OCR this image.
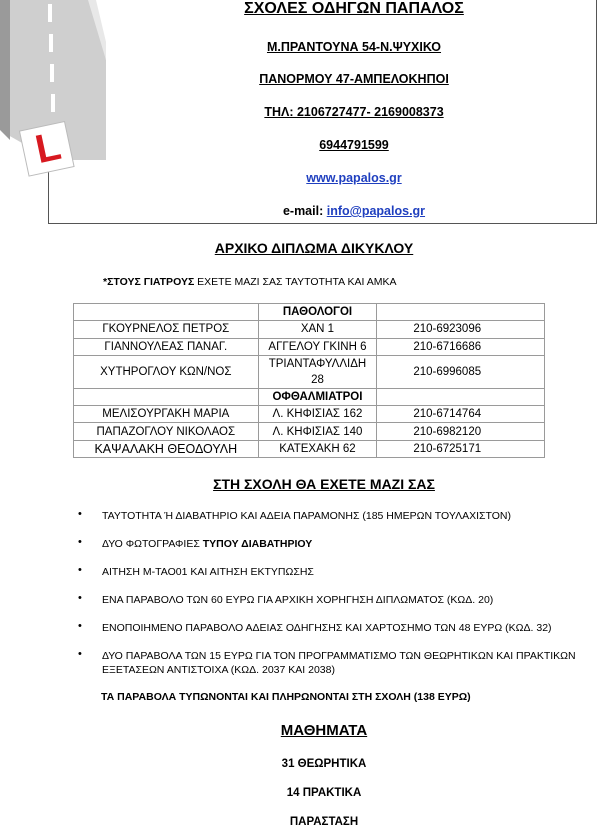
L
ΣΧΟΛΕΣ ΟΔΗΓΩΝ ΠΑΠΑΛΟΣ
Μ.ΠΡΑΝΤΟΥΝΑ 54-Ν.ΨΥΧΙΚΟ
ΠΑΝΟΡΜΟΥ 47-ΑΜΠΕΛΟΚΗΠΟΙ
ΤΗΛ: 2106727477- 2169008373
6944791599
www.papalos.gr
e-mail: info@papalos.gr
ΑΡΧΙΚΟ ΔΙΠΛΩΜΑ ΔΙΚΥΚΛΟΥ
*ΣΤΟΥΣ ΓΙΑΤΡΟΥΣ ΕΧΕΤΕ ΜΑΖΙ ΣΑΣ ΤΑΥΤΟΤΗΤΑ ΚΑΙ ΑΜΚΑ
	ΠΑΘΟΛΟΓΟΙ	
ΓΚΟΥΡΝΕΛΟΣ ΠΕΤΡΟΣ	ΧΑΝ 1	210-6923096
ΓΙΑΝΝΟΥΛΕΑΣ ΠΑΝΑΓ.	ΑΓΓΕΛΟΥ ΓΚΙΝΗ 6	210-6716686
ΧΥΤΗΡΟΓΛΟΥ ΚΩΝ/ΝΟΣ	ΤΡΙΑΝΤΑΦΥΛΛΙΔΗ 28	210-6996085
	ΟΦΘΑΛΜΙΑΤΡΟΙ	
ΜΕΛΙΣΟΥΡΓΑΚΗ ΜΑΡΙΑ	Λ. ΚΗΦΙΣΙΑΣ 162	210-6714764
ΠΑΠΑΖΟΓΛΟΥ ΝΙΚΟΛΑΟΣ	Λ. ΚΗΦΙΣΙΑΣ 140	210-6982120
ΚΑΨΑΛΑΚΗ ΘΕΟΔΟΥΛΗ	ΚΑΤΕΧΑΚΗ 62	210-6725171
ΣΤΗ ΣΧΟΛΗ ΘΑ ΕΧΕΤΕ ΜΑΖΙ ΣΑΣ
• ΤΑΥΤΟΤΗΤΑ Ή ΔΙΑΒΑΤΗΡΙΟ ΚΑΙ ΑΔΕΙΑ ΠΑΡΑΜΟΝΗΣ (185 ΗΜΕΡΩΝ ΤΟΥΛΑΧΙΣΤΟΝ)
• ΔΥΟ ΦΩΤΟΓΡΑΦΙΕΣ ΤΥΠΟΥ ΔΙΑΒΑΤΗΡΙΟΥ
• ΑΙΤΗΣΗ Μ-ΤΑΟ01 ΚΑΙ ΑΙΤΗΣΗ ΕΚΤΥΠΩΣΗΣ
• ΕΝΑ ΠΑΡΑΒΟΛΟ ΤΩΝ 60 ΕΥΡΩ ΓΙΑ ΑΡΧΙΚΗ ΧΟΡΗΓΗΣΗ ΔΙΠΛΩΜΑΤΟΣ (ΚΩΔ. 20)
• ΕΝΟΠΟΙΗΜΕΝΟ ΠΑΡΑΒΟΛΟ ΑΔΕΙΑΣ ΟΔΗΓΗΣΗΣ ΚΑΙ ΧΑΡΤΟΣΗΜΟ ΤΩΝ 48 ΕΥΡΩ (ΚΩΔ. 32)
• ΔΥΟ ΠΑΡΑΒΟΛΑ ΤΩΝ 15 ΕΥΡΩ ΓΙΑ ΤΟΝ ΠΡΟΓΡΑΜΜΑΤΙΣΜΟ ΤΩΝ ΘΕΩΡΗΤΙΚΩΝ ΚΑΙ ΠΡΑΚΤΙΚΩΝ ΕΞΕΤΑΣΕΩΝ ΑΝΤΙΣΤΟΙΧΑ (ΚΩΔ. 2037 ΚΑΙ 2038)
ΤΑ ΠΑΡΑΒΟΛΑ ΤΥΠΩΝΟΝΤΑΙ ΚΑΙ ΠΛΗΡΩΝΟΝΤΑΙ ΣΤΗ ΣΧΟΛΗ (138 ΕΥΡΩ)
ΜΑΘΗΜΑΤΑ
31 ΘΕΩΡΗΤΙΚΑ
14 ΠΡΑΚΤΙΚΑ
ΠΑΡΑΣΤΑΣΗ
